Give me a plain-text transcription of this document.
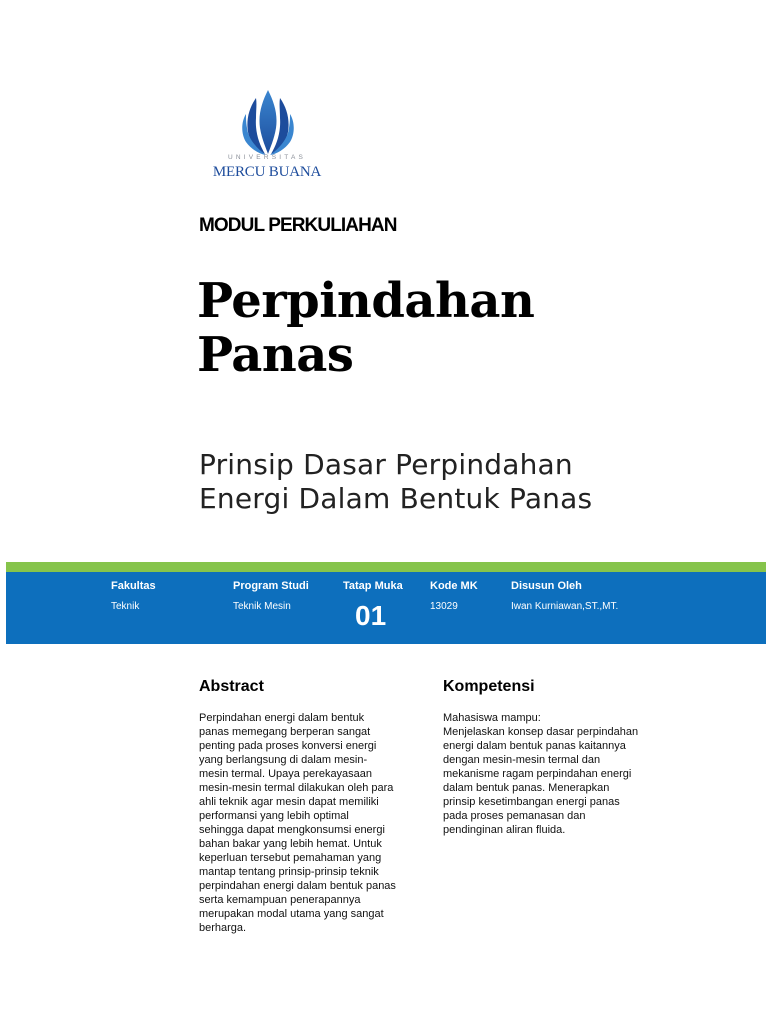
UNIVERSITAS
MERCU BUANA
MODUL PERKULIAHAN
Perpindahan
Panas
Prinsip Dasar Perpindahan
Energi Dalam Bentuk Panas
Fakultas
Teknik
Program Studi
Teknik Mesin
Tatap Muka
01
Kode MK
13029
Disusun Oleh
Iwan Kurniawan,ST.,MT.
Abstract
Perpindahan energi dalam bentuk
panas memegang berperan sangat
penting pada proses konversi energi
yang berlangsung di dalam mesin-
mesin termal. Upaya perekayasaan
mesin-mesin termal dilakukan oleh para
ahli teknik agar mesin dapat memiliki
performansi yang lebih optimal
sehingga dapat mengkonsumsi energi
bahan bakar yang lebih hemat. Untuk
keperluan tersebut pemahaman yang
mantap tentang prinsip-prinsip teknik
perpindahan energi dalam bentuk panas
serta kemampuan penerapannya
merupakan modal utama yang sangat
berharga.
Kompetensi
Mahasiswa mampu:
Menjelaskan konsep dasar perpindahan
energi dalam bentuk panas kaitannya
dengan mesin-mesin termal dan
mekanisme ragam perpindahan energi
dalam bentuk panas. Menerapkan
prinsip kesetimbangan energi panas
pada proses pemanasan dan
pendinginan aliran fluida.
